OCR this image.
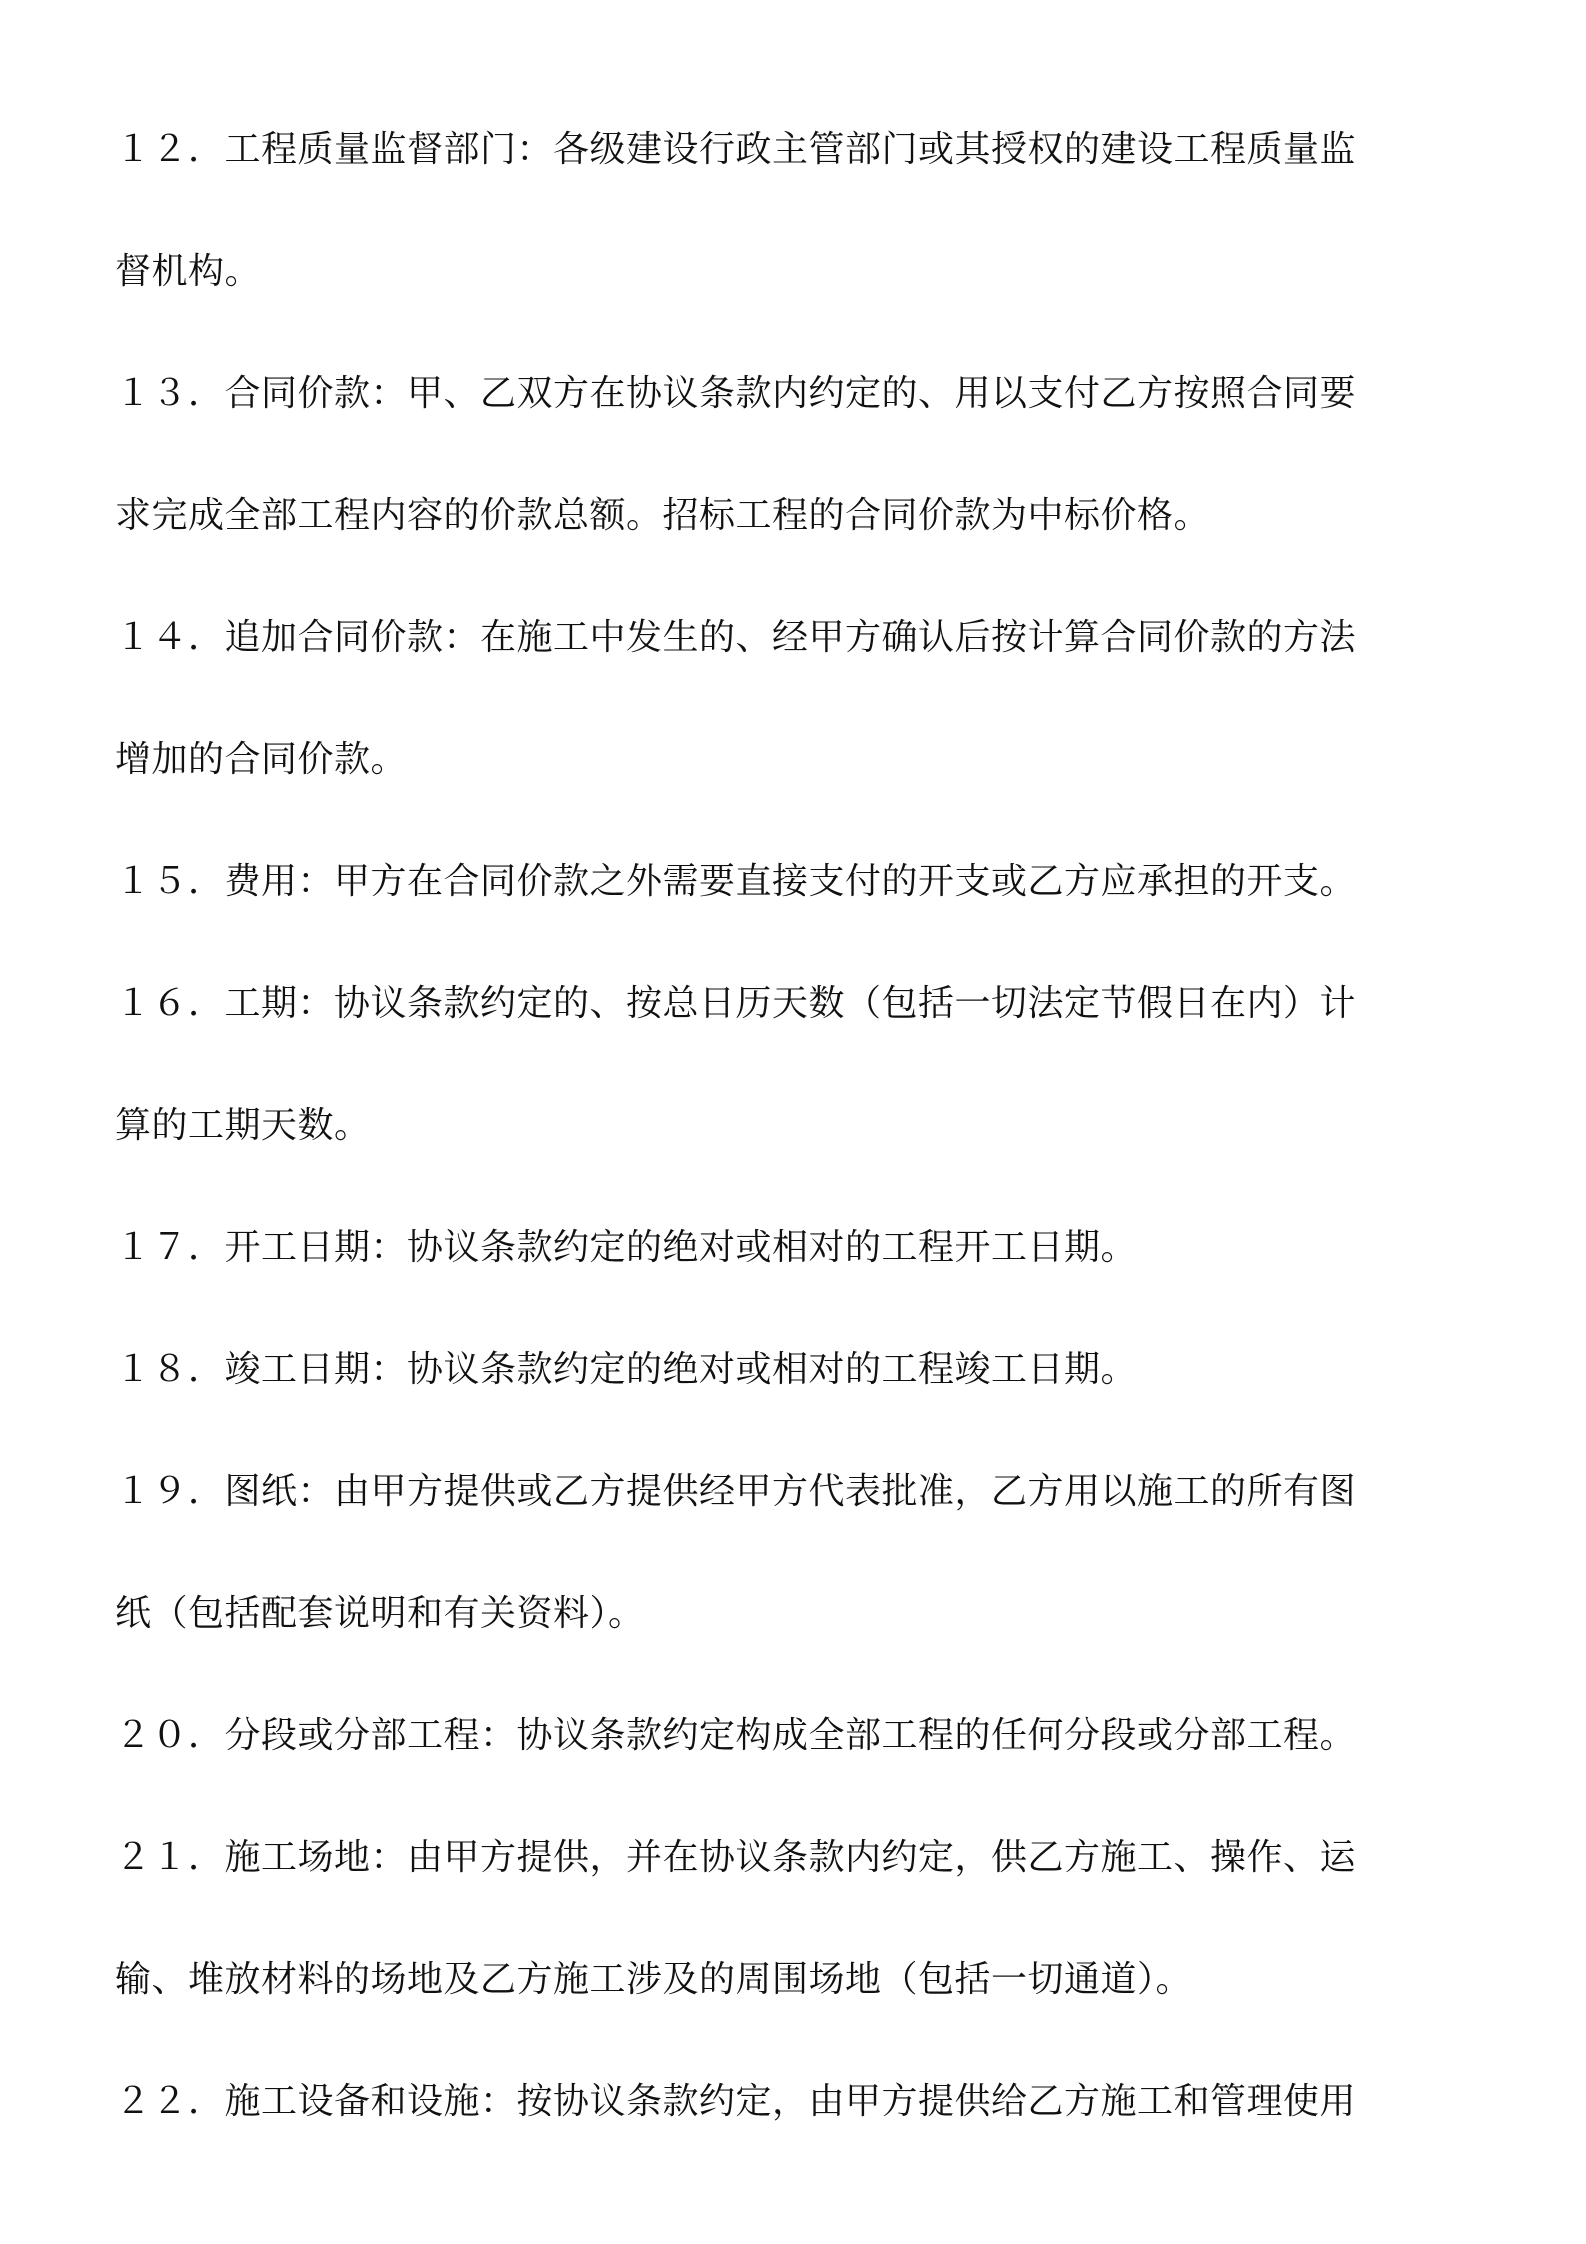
１２．工程质量监督部门：各级建设行政主管部门或其授权的建设工程质量监
督机构。
１３．合同价款：甲、乙双方在协议条款内约定的、用以支付乙方按照合同要
求完成全部工程内容的价款总额。招标工程的合同价款为中标价格。
１４．追加合同价款：在施工中发生的、经甲方确认后按计算合同价款的方法
增加的合同价款。
１５．费用：甲方在合同价款之外需要直接支付的开支或乙方应承担的开支。
１６．工期：协议条款约定的、按总日历天数（包括一切法定节假日在内）计
算的工期天数。
１７．开工日期：协议条款约定的绝对或相对的工程开工日期。
１８．竣工日期：协议条款约定的绝对或相对的工程竣工日期。
１９．图纸：由甲方提供或乙方提供经甲方代表批准，乙方用以施工的所有图
纸（包括配套说明和有关资料）。
２０．分段或分部工程：协议条款约定构成全部工程的任何分段或分部工程。
２１．施工场地：由甲方提供，并在协议条款内约定，供乙方施工、操作、运
输、堆放材料的场地及乙方施工涉及的周围场地（包括一切通道）。
２２．施工设备和设施：按协议条款约定，由甲方提供给乙方施工和管理使用
